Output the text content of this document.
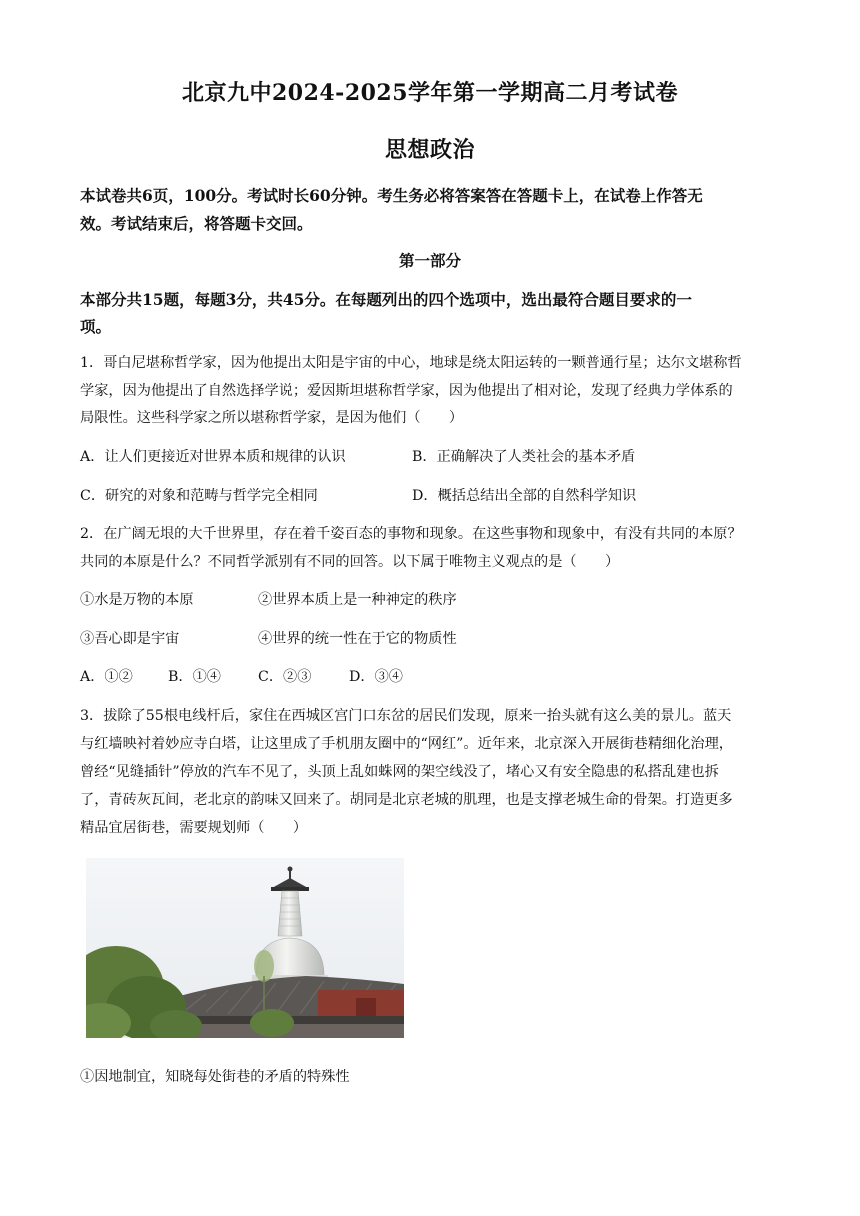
北京九中2024-2025学年第一学期高二月考试卷
思想政治
本试卷共6页，100分。考试时长60分钟。考生务必将答案答在答题卡上，在试卷上作答无
效。考试结束后，将答题卡交回。
第一部分
本部分共15题，每题3分，共45分。在每题列出的四个选项中，选出最符合题目要求的一
项。
1．哥白尼堪称哲学家，因为他提出太阳是宇宙的中心，地球是绕太阳运转的一颗普通行星；达尔文堪称哲
学家，因为他提出了自然选择学说；爱因斯坦堪称哲学家，因为他提出了相对论，发现了经典力学体系的
局限性。这些科学家之所以堪称哲学家，是因为他们（　　）
A．让人们更接近对世界本质和规律的认识	B．正确解决了人类社会的基本矛盾
C．研究的对象和范畴与哲学完全相同	D．概括总结出全部的自然科学知识
2．在广阔无垠的大千世界里，存在着千姿百态的事物和现象。在这些事物和现象中，有没有共同的本原？
共同的本原是什么？不同哲学派别有不同的回答。以下属于唯物主义观点的是（　　）
①水是万物的本原	②世界本质上是一种神定的秩序
③吾心即是宇宙	④世界的统一性在于它的物质性
A．①② B．①④	C．②③	D．③④
3．拔除了55根电线杆后，家住在西城区宫门口东岔的居民们发现，原来一抬头就有这么美的景儿。蓝天
与红墙映衬着妙应寺白塔，让这里成了手机朋友圈中的“网红”。近年来，北京深入开展街巷精细化治理，
曾经“见缝插针”停放的汽车不见了，头顶上乱如蛛网的架空线没了，堵心又有安全隐患的私搭乱建也拆
了，青砖灰瓦间，老北京的韵味又回来了。胡同是北京老城的肌理，也是支撑老城生命的骨架。打造更多
精品宜居街巷，需要规划师（　　）
①因地制宜，知晓每处街巷的矛盾的特殊性
